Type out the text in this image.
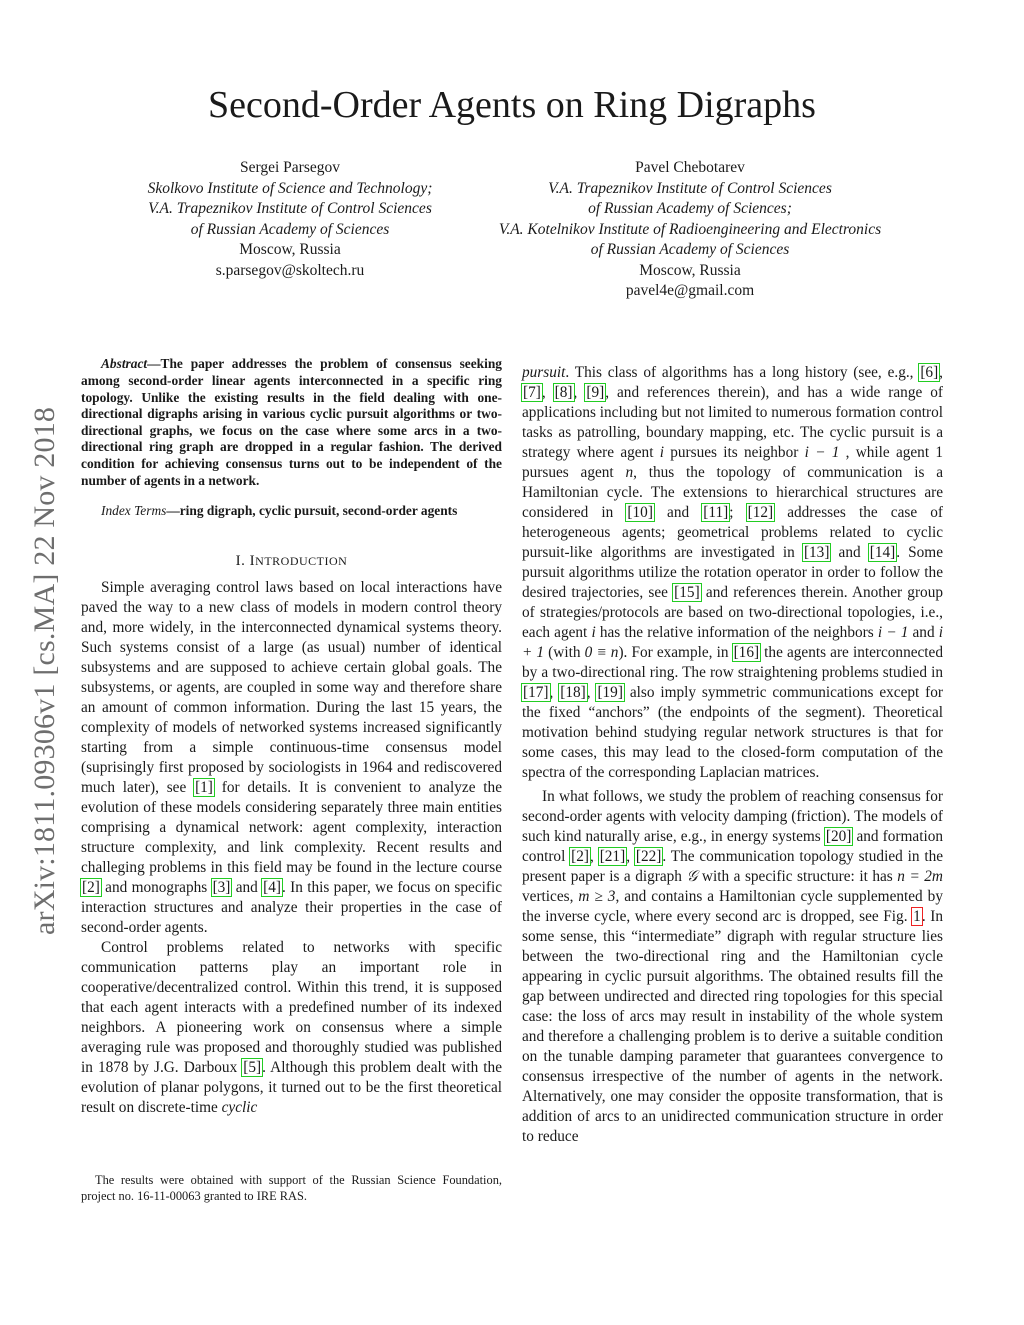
Second-Order Agents on Ring Digraphs
Sergei Parsegov
Skolkovo Institute of Science and Technology;
V.A. Trapeznikov Institute of Control Sciences
of Russian Academy of Sciences
Moscow, Russia
s.parsegov@skoltech.ru
Pavel Chebotarev
V.A. Trapeznikov Institute of Control Sciences
of Russian Academy of Sciences;
V.A. Kotelnikov Institute of Radioengineering and Electronics
of Russian Academy of Sciences
Moscow, Russia
pavel4e@gmail.com
arXiv:1811.09306v1 [cs.MA] 22 Nov 2018

Abstract—The paper addresses the problem of consensus seeking among second-order linear agents interconnected in a specific ring topology. Unlike the existing results in the field dealing with one-directional digraphs arising in various cyclic pursuit algorithms or two-directional graphs, we focus on the case where some arcs in a two-directional ring graph are dropped in a regular fashion. The derived condition for achieving consensus turns out to be independent of the number of agents in a network.

Index Terms—ring digraph, cyclic pursuit, second-order agents

I. INTRODUCTION

Simple averaging control laws based on local interactions have paved the way to a new class of models in modern control theory and, more widely, in the interconnected dynamical systems theory. Such systems consist of a large (as usual) number of identical subsystems and are supposed to achieve certain global goals. The subsystems, or agents, are coupled in some way and therefore share an amount of common information. During the last 15 years, the complexity of models of networked systems increased significantly starting from a simple continuous-time consensus model (suprisingly first proposed by sociologists in 1964 and rediscovered much later), see [1] for details. It is convenient to analyze the evolution of these models considering separately three main entities comprising a dynamical network: agent complexity, interaction structure complexity, and link complexity. Recent results and challeging problems in this field may be found in the lecture course [2] and monographs [3] and [4]. In this paper, we focus on specific interaction structures and analyze their properties in the case of second-order agents.

Control problems related to networks with specific communication patterns play an important role in cooperative/decentralized control. Within this trend, it is supposed that each agent interacts with a predefined number of its indexed neighbors. A pioneering work on consensus where a simple averaging rule was proposed and thoroughly studied was published in 1878 by J.G. Darboux [5]. Although this problem dealt with the evolution of planar polygons, it turned out to be the first theoretical result on discrete-time cyclic

The results were obtained with support of the Russian Science Foundation, project no. 16-11-00063 granted to IRE RAS.

pursuit. This class of algorithms has a long history (see, e.g., [6], [7], [8], [9], and references therein), and has a wide range of applications including but not limited to numerous formation control tasks as patrolling, boundary mapping, etc. The cyclic pursuit is a strategy where agent i pursues its neighbor i − 1 , while agent 1 pursues agent n, thus the topology of communication is a Hamiltonian cycle. The extensions to hierarchical structures are considered in [10] and [11]; [12] addresses the case of heterogeneous agents; geometrical problems related to cyclic pursuit-like algorithms are investigated in [13] and [14]. Some pursuit algorithms utilize the rotation operator in order to follow the desired trajectories, see [15] and references therein. Another group of strategies/protocols are based on two-directional topologies, i.e., each agent i has the relative information of the neighbors i − 1 and i + 1 (with 0 ≡ n). For example, in [16] the agents are interconnected by a two-directional ring. The row straightening problems studied in [17], [18], [19] also imply symmetric communications except for the fixed “anchors” (the endpoints of the segment). Theoretical motivation behind studying regular network structures is that for some cases, this may lead to the closed-form computation of the spectra of the corresponding Laplacian matrices.

In what follows, we study the problem of reaching consensus for second-order agents with velocity damping (friction). The models of such kind naturally arise, e.g., in energy systems [20] and formation control [2], [21], [22]. The communication topology studied in the present paper is a digraph 𝒢 with a specific structure: it has n = 2m vertices, m ≥ 3, and contains a Hamiltonian cycle supplemented by the inverse cycle, where every second arc is dropped, see Fig. 1. In some sense, this “intermediate” digraph with regular structure lies between the two-directional ring and the Hamiltonian cycle appearing in cyclic pursuit algorithms. The obtained results fill the gap between undirected and directed ring topologies for this special case: the loss of arcs may result in instability of the whole system and therefore a challenging problem is to derive a suitable condition on the tunable damping parameter that guarantees convergence to consensus irrespective of the number of agents in the network. Alternatively, one may consider the opposite transformation, that is addition of arcs to an unidirected communication structure in order to reduce
